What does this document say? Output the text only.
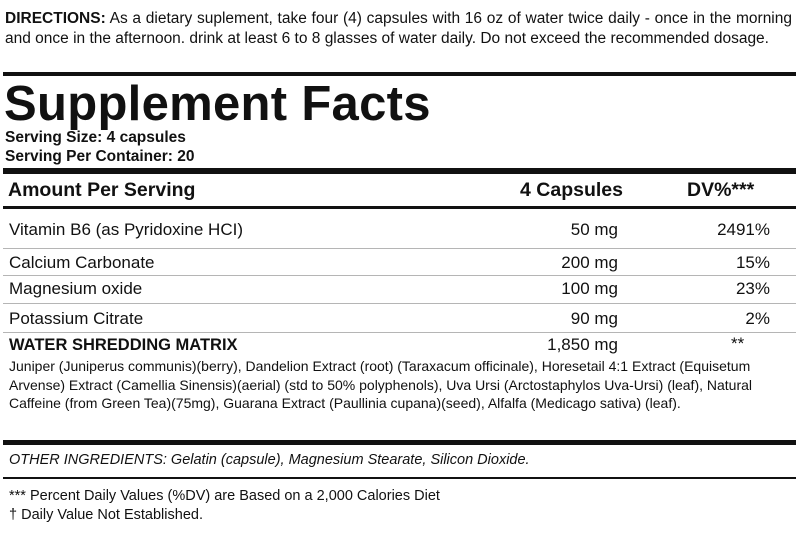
DIRECTIONS: As a dietary suplement, take four (4) capsules with 16 oz of water twice daily - once in the morning and once in the afternoon. drink at least 6 to 8 glasses of water daily. Do not exceed the recommended dosage.
Supplement Facts
Serving Size: 4 capsules
Serving Per Container: 20
Amount Per Serving	4 Capsules	DV%***
Vitamin B6 (as Pyridoxine HCI)	50 mg	2491%
Calcium Carbonate	200 mg	15%
Magnesium oxide	100 mg	23%
Potassium Citrate	90 mg	2%
WATER SHREDDING MATRIX	1,850 mg	**
Juniper (Juniperus communis)(berry), Dandelion Extract (root) (Taraxacum officinale), Horesetail 4:1 Extract (Equisetum Arvense) Extract (Camellia Sinensis)(aerial) (std to 50% polyphenols), Uva Ursi (Arctostaphylos Uva-Ursi) (leaf), Natural Caffeine (from Green Tea)(75mg), Guarana Extract (Paullinia cupana)(seed), Alfalfa (Medicago sativa) (leaf).
OTHER INGREDIENTS: Gelatin (capsule), Magnesium Stearate, Silicon Dioxide.
*** Percent Daily Values (%DV) are Based on a 2,000 Calories Diet
† Daily Value Not Established.
